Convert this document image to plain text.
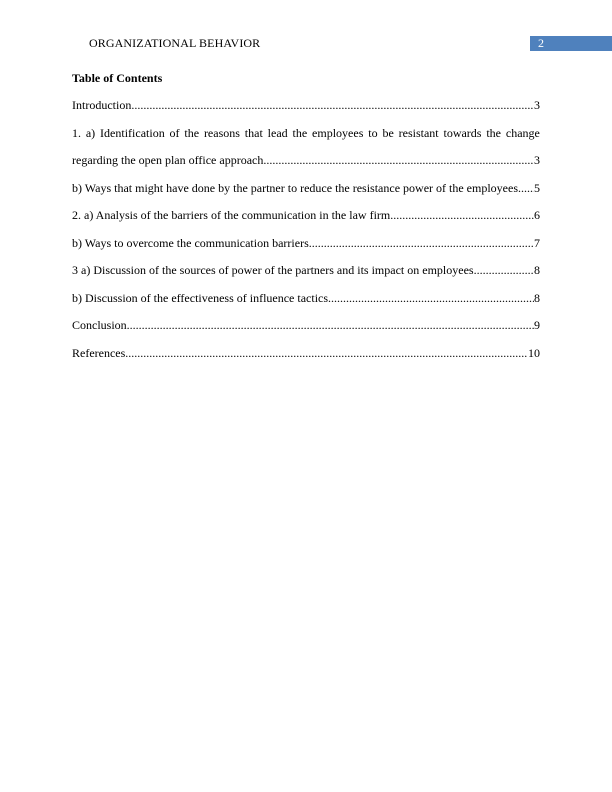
ORGANIZATIONAL BEHAVIOR	2
Table of Contents
Introduction .....	3
1. a) Identification of the reasons that lead the employees to be resistant towards the change
regarding the open plan office approach .....	3
b) Ways that might have done by the partner to reduce the resistance power of the employees ..... 5
2. a) Analysis of the barriers of the communication in the law firm .....	6
b) Ways to overcome the communication barriers .....	7
3 a) Discussion of the sources of power of the partners and its impact on employees .....	8
b) Discussion of the effectiveness of influence tactics .....	8
Conclusion .....	9
References .....	10
